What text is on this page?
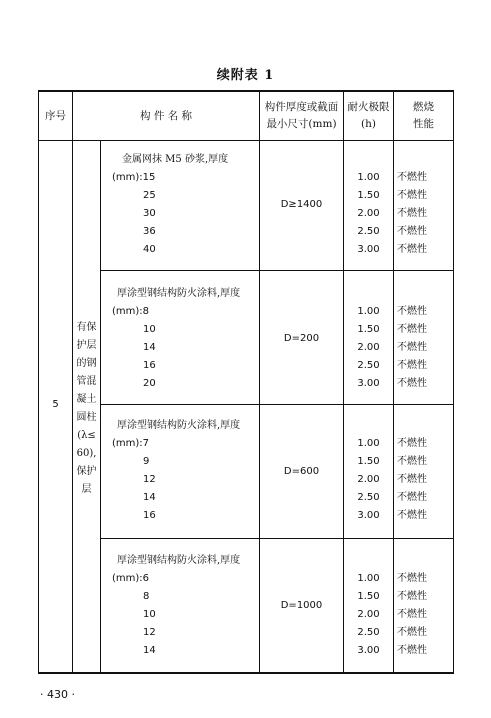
续附表 1
序号	构 件 名 称
构件厚度或截面
最小尺寸(mm)
耐火极限
(h)
燃烧
性能
5
有保
护层
的钢
管混
凝土
圆柱
(λ≤
60),
保护
层
金属网抹 M5 砂浆,厚度
(mm):15
25
30
36
40
D≥1400
1.00
1.50
2.00
2.50
3.00
不燃性
不燃性
不燃性
不燃性
不燃性
厚涂型钢结构防火涂料,厚度
(mm):8
10
14
16
20
D=200
1.00
1.50
2.00
2.50
3.00
不燃性
不燃性
不燃性
不燃性
不燃性
厚涂型钢结构防火涂料,厚度
(mm):7
9
12
14
16
D=600
1.00
1.50
2.00
2.50
3.00
不燃性
不燃性
不燃性
不燃性
不燃性
厚涂型钢结构防火涂料,厚度
(mm):6
8
10
12
14
D=1000
1.00
1.50
2.00
2.50
3.00
不燃性
不燃性
不燃性
不燃性
不燃性
· 430 ·
